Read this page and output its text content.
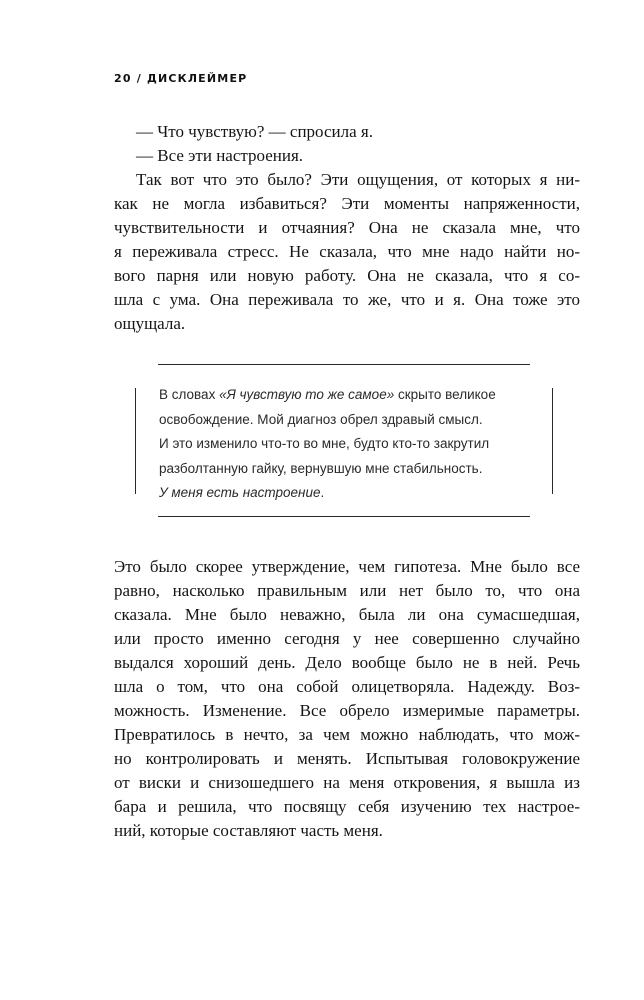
20 / ДИСКЛЕЙМЕР
— Что чувствую? — спросила я.
— Все эти настроения.
Так вот что это было? Эти ощущения, от которых я ни-
как не могла избавиться? Эти моменты напряженности,
чувствительности и отчаяния? Она не сказала мне, что
я переживала стресс. Не сказала, что мне надо найти но-
вого парня или новую работу. Она не сказала, что я со-
шла с ума. Она переживала то же, что и я. Она тоже это
ощущала.
В словах «Я чувствую то же самое» скрыто великое
освобождение. Мой диагноз обрел здравый смысл.
И это изменило что-то во мне, будто кто-то закрутил
разболтанную гайку, вернувшую мне стабильность.
У меня есть настроение.
Это было скорее утверждение, чем гипотеза. Мне было все
равно, насколько правильным или нет было то, что она
сказала. Мне было неважно, была ли она сумасшедшая,
или просто именно сегодня у нее совершенно случайно
выдался хороший день. Дело вообще было не в ней. Речь
шла о том, что она собой олицетворяла. Надежду. Воз-
можность. Изменение. Все обрело измеримые параметры.
Превратилось в нечто, за чем можно наблюдать, что мож-
но контролировать и менять. Испытывая головокружение
от виски и снизошедшего на меня откровения, я вышла из
бара и решила, что посвящу себя изучению тех настрое-
ний, которые составляют часть меня.
